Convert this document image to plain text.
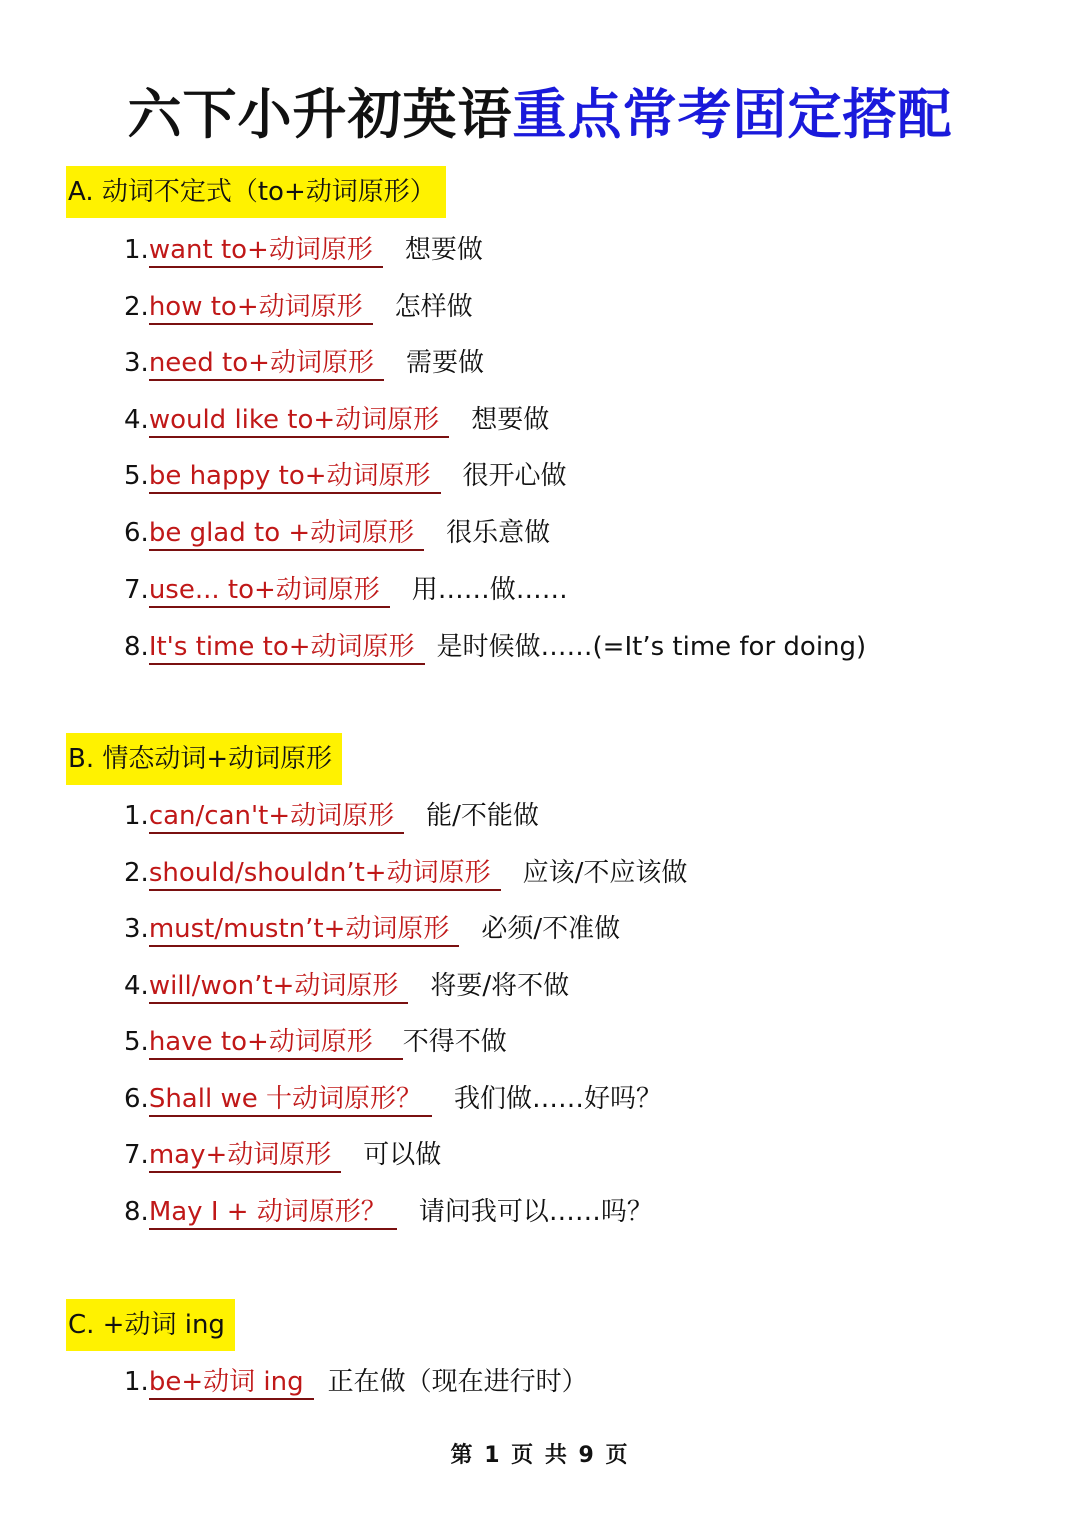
六下小升初英语重点常考固定搭配
A. 动词不定式（to+动词原形）
1.want to+动词原形 想要做
2.how to+动词原形 怎样做
3.need to+动词原形 需要做
4.would like to+动词原形 想要做
5.be happy to+动词原形 很开心做
6.be glad to +动词原形 很乐意做
7.use... to+动词原形 用……做……
8.It's time to+动词原形 是时候做……(=It’s time for doing)
B. 情态动词+动词原形
1.can/can't+动词原形 能/不能做
2.should/shouldn’t+动词原形 应该/不应该做
3.must/mustn’t+动词原形 必须/不准做
4.will/won’t+动词原形 将要/将不做
5.have to+动词原形 不得不做
6.Shall we 十动词原形？ 我们做……好吗？
7.may+动词原形 可以做
8.May I + 动词原形？ 请问我可以……吗？
C. +动词 ing
1.be+动词 ing 正在做（现在进行时）
第 1 页 共 9 页
